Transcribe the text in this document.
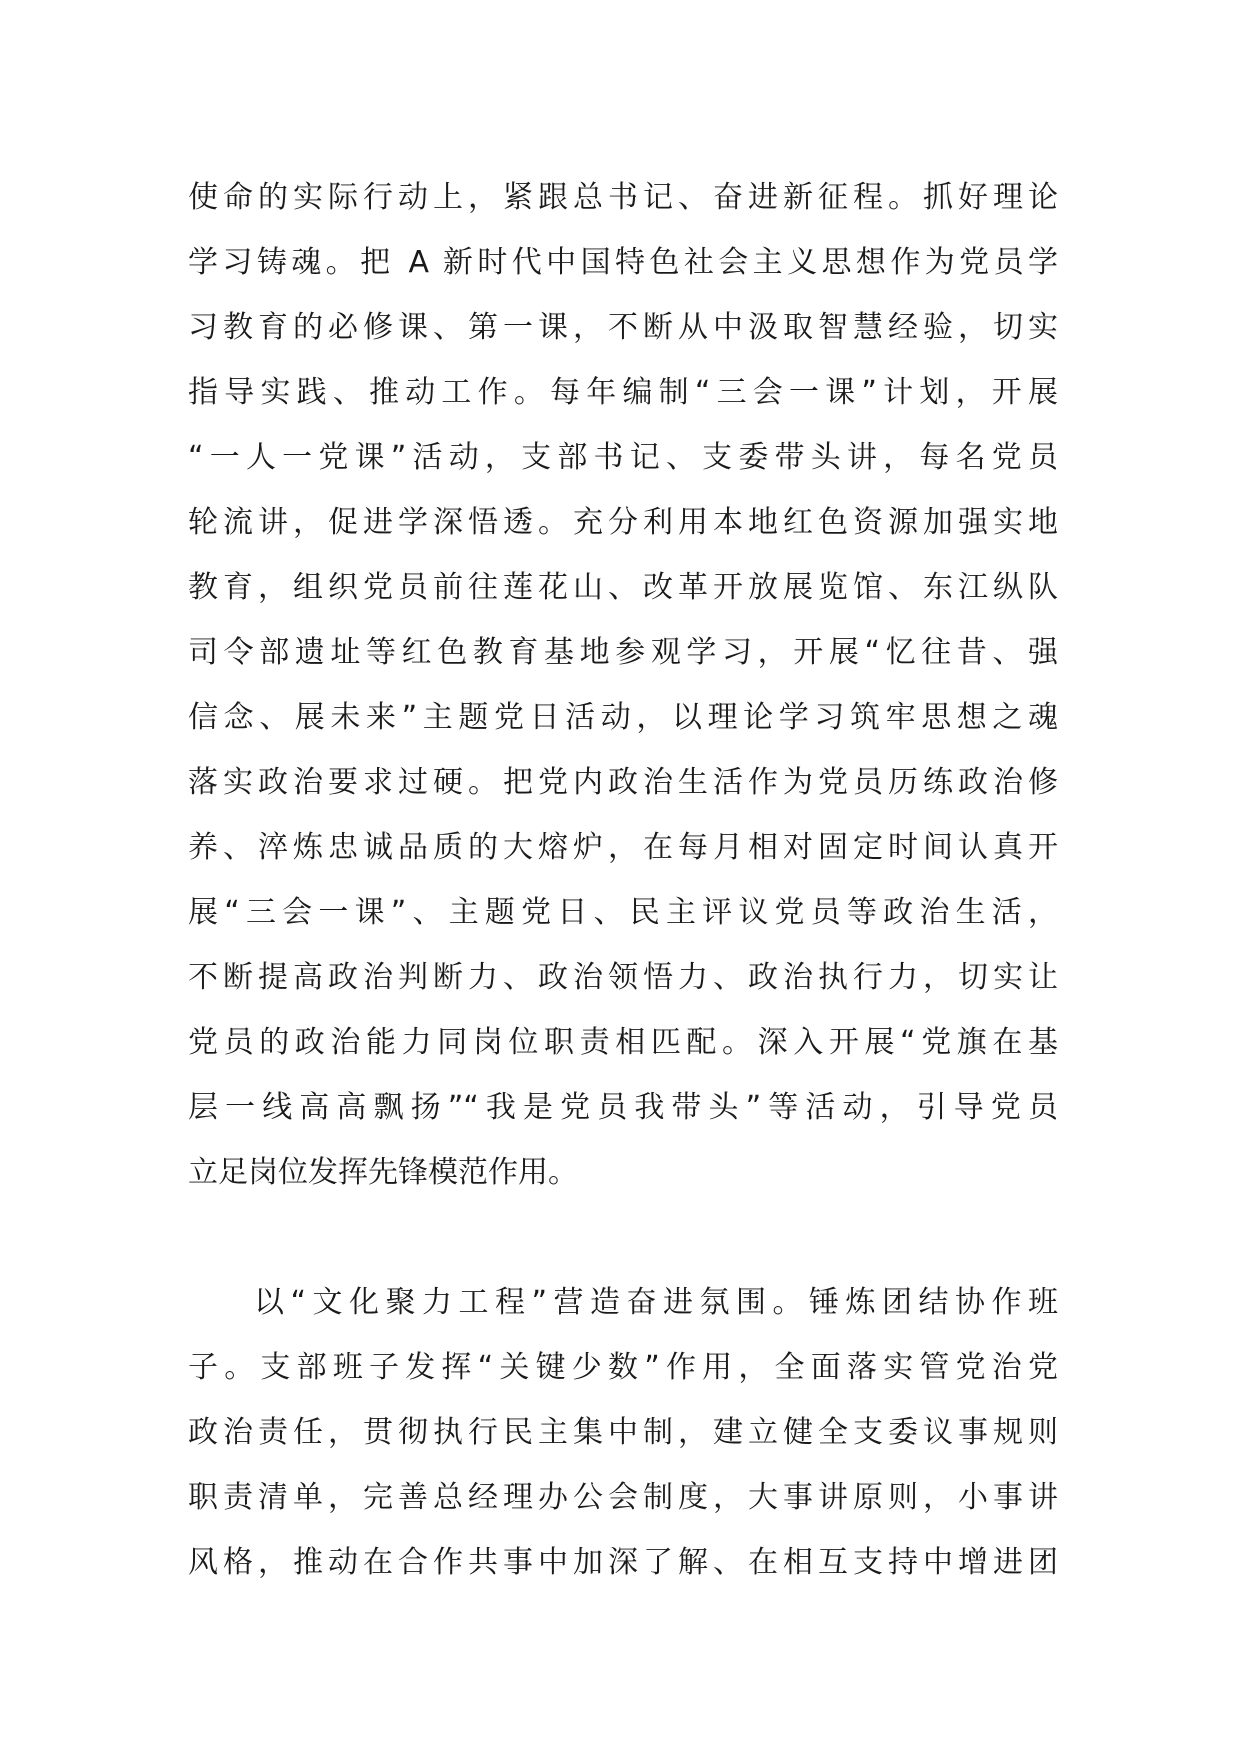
使命的实际行动上，紧跟总书记、奋进新征程。抓好理论
学习铸魂。把 A 新时代中国特色社会主义思想作为党员学
习教育的必修课、第一课，不断从中汲取智慧经验，切实
指导实践、推动工作。每年编制“三会一课”计划，开展
“一人一党课”活动，支部书记、支委带头讲，每名党员
轮流讲，促进学深悟透。充分利用本地红色资源加强实地
教育，组织党员前往莲花山、改革开放展览馆、东江纵队
司令部遗址等红色教育基地参观学习，开展“忆往昔、强
信念、展未来”主题党日活动，以理论学习筑牢思想之魂
落实政治要求过硬。把党内政治生活作为党员历练政治修
养、淬炼忠诚品质的大熔炉，在每月相对固定时间认真开
展“三会一课”、主题党日、民主评议党员等政治生活，
不断提高政治判断力、政治领悟力、政治执行力，切实让
党员的政治能力同岗位职责相匹配。深入开展“党旗在基
层一线高高飘扬”“我是党员我带头”等活动，引导党员
立足岗位发挥先锋模范作用。
以“文化聚力工程”营造奋进氛围。锤炼团结协作班
子。支部班子发挥“关键少数”作用，全面落实管党治党
政治责任，贯彻执行民主集中制，建立健全支委议事规则
职责清单，完善总经理办公会制度，大事讲原则，小事讲
风格，推动在合作共事中加深了解、在相互支持中增进团
